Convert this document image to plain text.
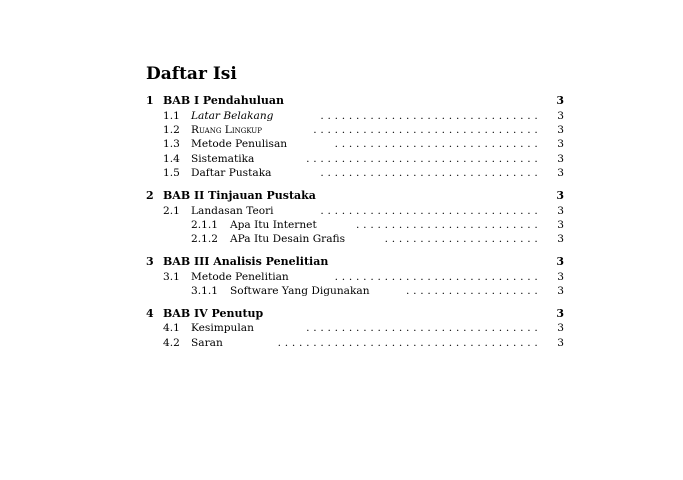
Daftar Isi
1 BAB I Pendahuluan	3
1.1 Latar Belakang	. . . . . . . . . . . . . . . . . . . . . . . . . . . . . . . 3
1.2 Ruang Lingkup	. . . . . . . . . . . . . . . . . . . . . . . . . . . . . . . . 3
1.3 Metode Penulisan	. . . . . . . . . . . . . . . . . . . . . . . . . . . . . 3
1.4 Sistematika	. . . . . . . . . . . . . . . . . . . . . . . . . . . . . . . . . 3
1.5 Daftar Pustaka	. . . . . . . . . . . . . . . . . . . . . . . . . . . . . . . 3
2 BAB II Tinjauan Pustaka	3
2.1 Landasan Teori	. . . . . . . . . . . . . . . . . . . . . . . . . . . . . . . 3
2.1.1 Apa Itu Internet	. . . . . . . . . . . . . . . . . . . . . . . . . . 3
2.1.2 APa Itu Desain Grafis	. . . . . . . . . . . . . . . . . . . . . . 3
3 BAB III Analisis Penelitian	3
3.1 Metode Penelitian	. . . . . . . . . . . . . . . . . . . . . . . . . . . . . 3
3.1.1 Software Yang Digunakan	. . . . . . . . . . . . . . . . . . . 3
4 BAB IV Penutup	3
4.1 Kesimpulan	. . . . . . . . . . . . . . . . . . . . . . . . . . . . . . . . . 3
4.2 Saran	. . . . . . . . . . . . . . . . . . . . . . . . . . . . . . . . . . . . . 3
